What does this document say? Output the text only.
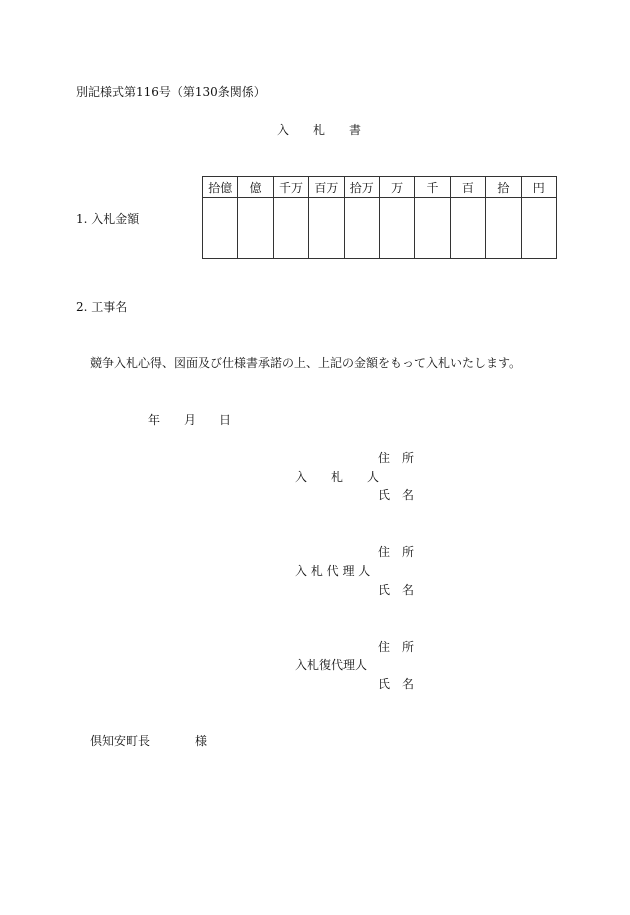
別記様式第116号（第130条関係）
入　　札　　書
1. 入札金額
拾億	億	千万	百万	拾万	万	千	百	拾	円

2. 工事名
競争入札心得、図面及び仕様書承諾の上、上記の金額をもって入札いたします。
年 月 日
住　所
入　　札　　人
氏　名
住　所
入 札 代 理 人
氏　名
住　所
入札復代理人
氏　名
倶知安町長	様
